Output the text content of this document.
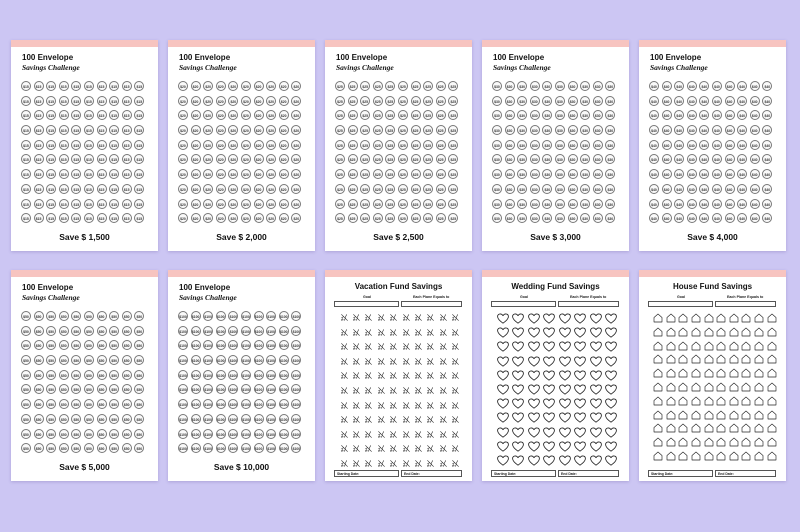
100 Envelope
Savings Challenge
$15	$15	$15	$15	$15	$15	$15	$15	$15	$15
$15	$15	$15	$15	$15	$15	$15	$15	$15	$15
$15	$15	$15	$15	$15	$15	$15	$15	$15	$15
$15	$15	$15	$15	$15	$15	$15	$15	$15	$15
$15	$15	$15	$15	$15	$15	$15	$15	$15	$15
$15	$15	$15	$15	$15	$15	$15	$15	$15	$15
$15	$15	$15	$15	$15	$15	$15	$15	$15	$15
$15	$15	$15	$15	$15	$15	$15	$15	$15	$15
$15	$15	$15	$15	$15	$15	$15	$15	$15	$15
$15	$15	$15	$15	$15	$15	$15	$15	$15	$15
Save $ 1,500
100 Envelope
Savings Challenge
$20	$20	$20	$20	$20	$20	$20	$20	$20	$20
$20	$20	$20	$20	$20	$20	$20	$20	$20	$20
$20	$20	$20	$20	$20	$20	$20	$20	$20	$20
$20	$20	$20	$20	$20	$20	$20	$20	$20	$20
$20	$20	$20	$20	$20	$20	$20	$20	$20	$20
$20	$20	$20	$20	$20	$20	$20	$20	$20	$20
$20	$20	$20	$20	$20	$20	$20	$20	$20	$20
$20	$20	$20	$20	$20	$20	$20	$20	$20	$20
$20	$20	$20	$20	$20	$20	$20	$20	$20	$20
$20	$20	$20	$20	$20	$20	$20	$20	$20	$20
Save $ 2,000
100 Envelope
Savings Challenge
$25	$25	$25	$25	$25	$25	$25	$25	$25	$25
$25	$25	$25	$25	$25	$25	$25	$25	$25	$25
$25	$25	$25	$25	$25	$25	$25	$25	$25	$25
$25	$25	$25	$25	$25	$25	$25	$25	$25	$25
$25	$25	$25	$25	$25	$25	$25	$25	$25	$25
$25	$25	$25	$25	$25	$25	$25	$25	$25	$25
$25	$25	$25	$25	$25	$25	$25	$25	$25	$25
$25	$25	$25	$25	$25	$25	$25	$25	$25	$25
$25	$25	$25	$25	$25	$25	$25	$25	$25	$25
$25	$25	$25	$25	$25	$25	$25	$25	$25	$25
Save $ 2,500
100 Envelope
Savings Challenge
$30	$30	$30	$30	$30	$30	$30	$30	$30	$30
$30	$30	$30	$30	$30	$30	$30	$30	$30	$30
$30	$30	$30	$30	$30	$30	$30	$30	$30	$30
$30	$30	$30	$30	$30	$30	$30	$30	$30	$30
$30	$30	$30	$30	$30	$30	$30	$30	$30	$30
$30	$30	$30	$30	$30	$30	$30	$30	$30	$30
$30	$30	$30	$30	$30	$30	$30	$30	$30	$30
$30	$30	$30	$30	$30	$30	$30	$30	$30	$30
$30	$30	$30	$30	$30	$30	$30	$30	$30	$30
$30	$30	$30	$30	$30	$30	$30	$30	$30	$30
Save $ 3,000
100 Envelope
Savings Challenge
$40	$40	$40	$40	$40	$40	$40	$40	$40	$40
$40	$40	$40	$40	$40	$40	$40	$40	$40	$40
$40	$40	$40	$40	$40	$40	$40	$40	$40	$40
$40	$40	$40	$40	$40	$40	$40	$40	$40	$40
$40	$40	$40	$40	$40	$40	$40	$40	$40	$40
$40	$40	$40	$40	$40	$40	$40	$40	$40	$40
$40	$40	$40	$40	$40	$40	$40	$40	$40	$40
$40	$40	$40	$40	$40	$40	$40	$40	$40	$40
$40	$40	$40	$40	$40	$40	$40	$40	$40	$40
$40	$40	$40	$40	$40	$40	$40	$40	$40	$40
Save $ 4,000
100 Envelope
Savings Challenge
$50	$50	$50	$50	$50	$50	$50	$50	$50	$50
$50	$50	$50	$50	$50	$50	$50	$50	$50	$50
$50	$50	$50	$50	$50	$50	$50	$50	$50	$50
$50	$50	$50	$50	$50	$50	$50	$50	$50	$50
$50	$50	$50	$50	$50	$50	$50	$50	$50	$50
$50	$50	$50	$50	$50	$50	$50	$50	$50	$50
$50	$50	$50	$50	$50	$50	$50	$50	$50	$50
$50	$50	$50	$50	$50	$50	$50	$50	$50	$50
$50	$50	$50	$50	$50	$50	$50	$50	$50	$50
$50	$50	$50	$50	$50	$50	$50	$50	$50	$50
Save $ 5,000
100 Envelope
Savings Challenge
$100	$100	$100	$100	$100	$100	$100	$100	$100	$100
$100	$100	$100	$100	$100	$100	$100	$100	$100	$100
$100	$100	$100	$100	$100	$100	$100	$100	$100	$100
$100	$100	$100	$100	$100	$100	$100	$100	$100	$100
$100	$100	$100	$100	$100	$100	$100	$100	$100	$100
$100	$100	$100	$100	$100	$100	$100	$100	$100	$100
$100	$100	$100	$100	$100	$100	$100	$100	$100	$100
$100	$100	$100	$100	$100	$100	$100	$100	$100	$100
$100	$100	$100	$100	$100	$100	$100	$100	$100	$100
$100	$100	$100	$100	$100	$100	$100	$100	$100	$100
Save $ 10,000
Vacation Fund Savings
Goal	Each Plane Equals to
Starting Date:	End Date:
Wedding Fund Savings
Goal	Each Plane Equals to
Starting Date:	End Date:
House Fund Savings
Goal	Each Plane Equals to
Starting Date:	End Date:
